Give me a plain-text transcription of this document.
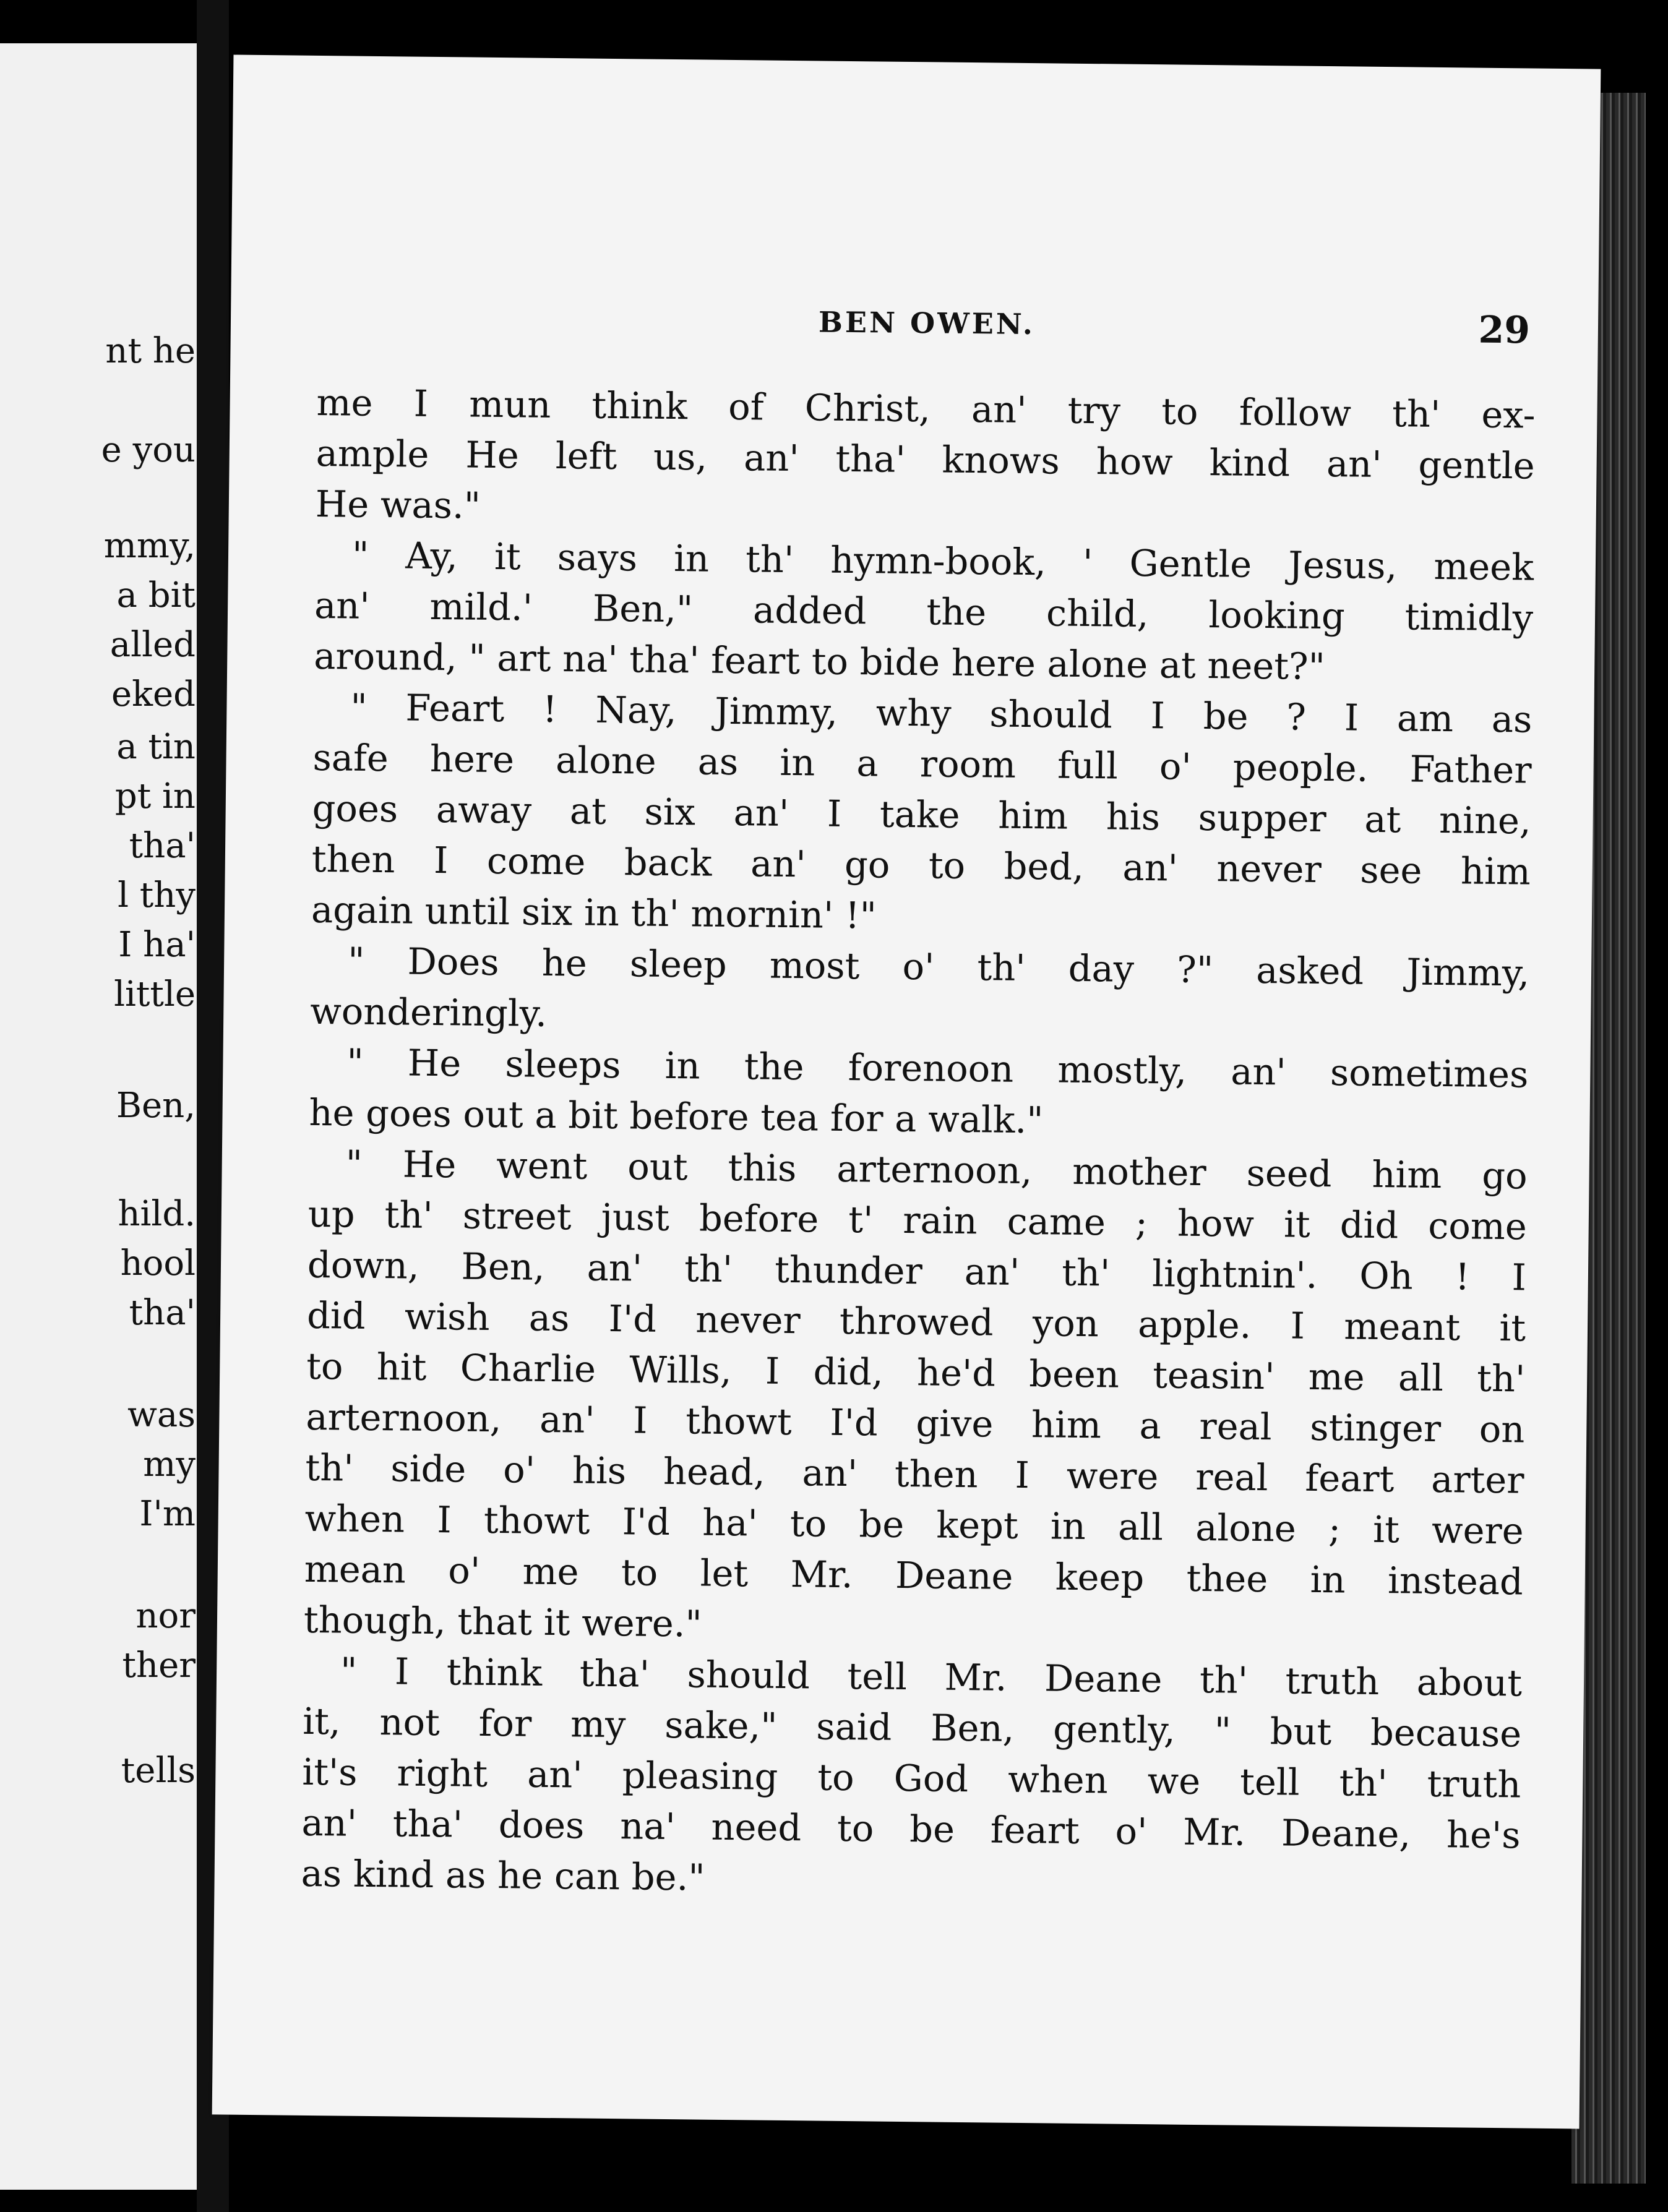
nt he
e you
mmy,
a bit
alled
eked
a tin
pt in
tha'
l thy
I ha'
little
Ben,
hild.
hool
tha'
was
my
I'm
nor
ther
tells
BEN OWEN.	29
me I mun think of Christ, an' try to follow th' ex-
ample He left us, an' tha' knows how kind an' gentle
He was."
" Ay, it says in th' hymn-book, ' Gentle Jesus, meek
an' mild.' Ben," added the child, looking timidly
around, " art na' tha' feart to bide here alone at neet?"
" Feart ! Nay, Jimmy, why should I be ? I am as
safe here alone as in a room full o' people. Father
goes away at six an' I take him his supper at nine,
then I come back an' go to bed, an' never see him
again until six in th' mornin' !"
" Does he sleep most o' th' day ?" asked Jimmy,
wonderingly.
" He sleeps in the forenoon mostly, an' sometimes
he goes out a bit before tea for a walk."
" He went out this arternoon, mother seed him go
up th' street just before t' rain came ; how it did come
down, Ben, an' th' thunder an' th' lightnin'. Oh ! I
did wish as I'd never throwed yon apple. I meant it
to hit Charlie Wills, I did, he'd been teasin' me all th'
arternoon, an' I thowt I'd give him a real stinger on
th' side o' his head, an' then I were real feart arter
when I thowt I'd ha' to be kept in all alone ; it were
mean o' me to let Mr. Deane keep thee in instead
though, that it were."
" I think tha' should tell Mr. Deane th' truth about
it, not for my sake," said Ben, gently, " but because
it's right an' pleasing to God when we tell th' truth
an' tha' does na' need to be feart o' Mr. Deane, he's
as kind as he can be."
